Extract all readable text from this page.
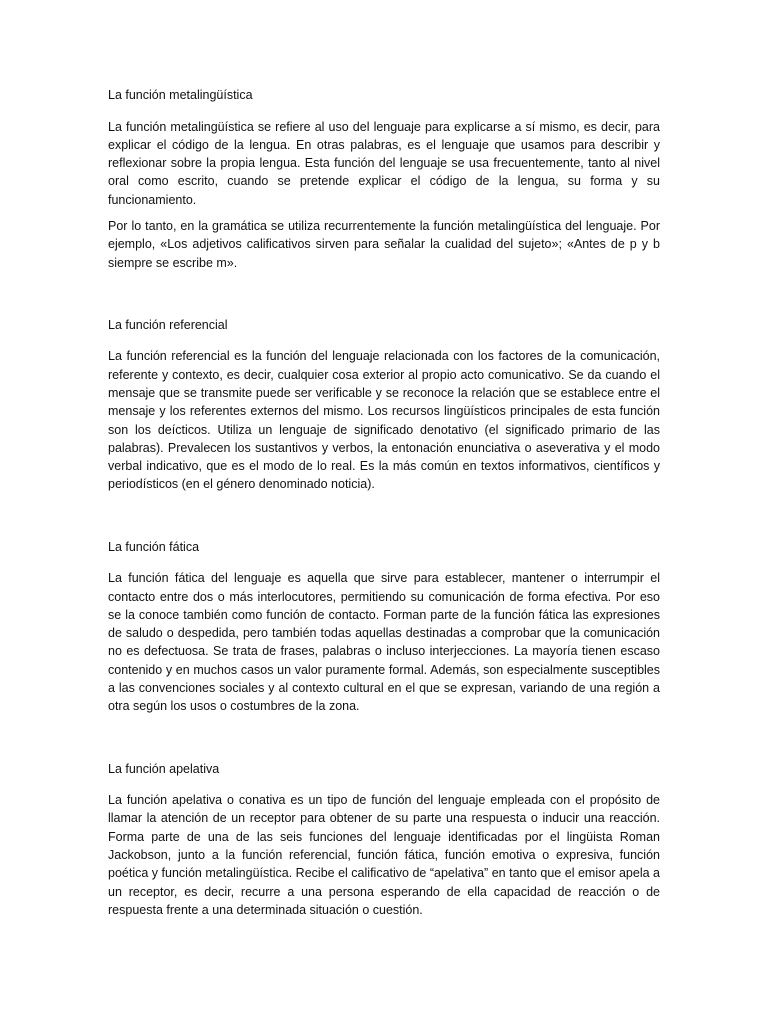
La función metalingüística

La función metalingüística se refiere al uso del lenguaje para explicarse a sí mismo, es decir, para explicar el código de la lengua. En otras palabras, es el lenguaje que usamos para describir y reflexionar sobre la propia lengua. Esta función del lenguaje se usa frecuentemente, tanto al nivel oral como escrito, cuando se pretende explicar el código de la lengua, su forma y su funcionamiento.

Por lo tanto, en la gramática se utiliza recurrentemente la función metalingüística del lenguaje. Por ejemplo, «Los adjetivos calificativos sirven para señalar la cualidad del sujeto»; «Antes de p y b siempre se escribe m».

La función referencial

La función referencial es la función del lenguaje relacionada con los factores de la comunicación, referente y contexto, es decir, cualquier cosa exterior al propio acto comunicativo. Se da cuando el mensaje que se transmite puede ser verificable y se reconoce la relación que se establece entre el mensaje y los referentes externos del mismo. Los recursos lingüísticos principales de esta función son los deícticos. Utiliza un lenguaje de significado denotativo (el significado primario de las palabras). Prevalecen los sustantivos y verbos, la entonación enunciativa o aseverativa y el modo verbal indicativo, que es el modo de lo real. Es la más común en textos informativos, científicos y periodísticos (en el género denominado noticia).

La función fática

La función fática del lenguaje es aquella que sirve para establecer, mantener o interrumpir el contacto entre dos o más interlocutores, permitiendo su comunicación de forma efectiva. Por eso se la conoce también como función de contacto. Forman parte de la función fática las expresiones de saludo o despedida, pero también todas aquellas destinadas a comprobar que la comunicación no es defectuosa. Se trata de frases, palabras o incluso interjecciones. La mayoría tienen escaso contenido y en muchos casos un valor puramente formal. Además, son especialmente susceptibles a las convenciones sociales y al contexto cultural en el que se expresan, variando de una región a otra según los usos o costumbres de la zona.

La función apelativa

La función apelativa o conativa es un tipo de función del lenguaje empleada con el propósito de llamar la atención de un receptor para obtener de su parte una respuesta o inducir una reacción. Forma parte de una de las seis funciones del lenguaje identificadas por el lingüista Roman Jackobson, junto a la función referencial, función fática, función emotiva o expresiva, función poética y función metalingüística. Recibe el calificativo de “apelativa” en tanto que el emisor apela a un receptor, es decir, recurre a una persona esperando de ella capacidad de reacción o de respuesta frente a una determinada situación o cuestión.
